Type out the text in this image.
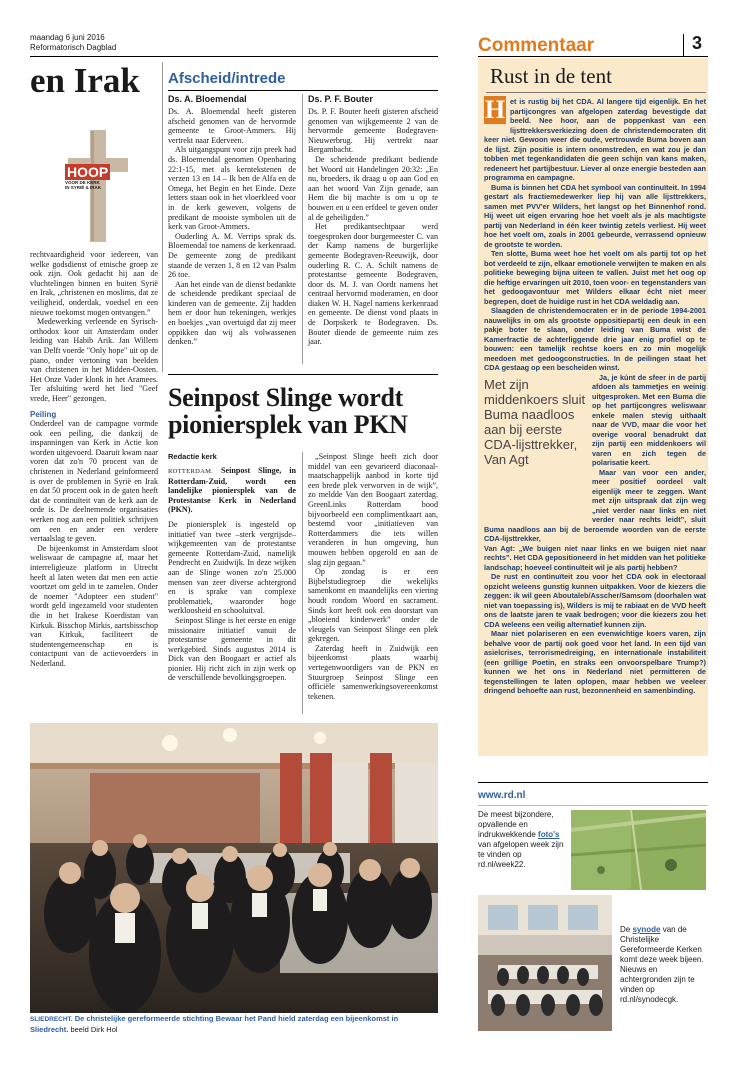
maandag 6 juni 2016
Reformatorisch Dagblad	Commentaar	3
en Irak
HOOP
VOOR DE KERK
IN SYRIË & IRAK

rechtvaardigheid voor iedereen, van welke godsdienst of etnische groep ze ook zijn. Ook gedacht hij aan de vluchtelingen binnen en buiten Syrië en Irak, „christenen en moslims, dat ze veiligheid, onderdak, voedsel en een nieuwe toekomst mogen ontvangen.”

Medewerking verleende en Syrisch-orthodox koor uit Amsterdam onder leiding van Habib Arik. Jan Willem van Delft voerde "Only hope" uit op de piano, onder vertoning van beelden van christenen in het Midden-Oosten. Het Onze Vader klonk in het Aramees. Ter afsluiting werd het lied "Geef vrede, Heer" gezongen.

Peiling

Onderdeel van de campagne vormde ook een peiling, die dankzij de inspanningen van Kerk in Actie kon worden uitgevoerd. Daaruit kwam naar voren dat zo'n 70 procent van de christenen in Nederland geïnformeerd is over de problemen in Syrië en Irak en dat 50 procent ook in de gaten heeft dat de continuïteit van de kerk aan de orde is. De deelnemende organisaties werken nog aan een politiek schrijven om een en ander een verdere vertaalslag te geven.

De bijeenkomst in Amsterdam sloot weliswaar de campagne af, maar het interreligieuze platform in Utrecht heeft al laten weten dat men een actie voortzet om geld in te zamelen. Onder de noemer "Adopteer een student" wordt geld ingezameld voor studenten die in het Irakese Koerdistan van Kirkuk. Bisschop Mirkis, aartsbisschop van Kirkuk, faciliteert de studentengemeenschap en is contactpunt van de actievoerders in Nederland.

Afscheid/intrede
Ds. A. Bloemendal

Ds. A. Bloemendal heeft gisteren afscheid genomen van de hervormde gemeente te Groot-Ammers. Hij vertrekt naar Ederveen.

Als uitgangspunt voor zijn preek had ds. Bloemendal genomen Openbaring 22:1-15, met als kerntekstenen de verzen 13 en 14 – Ik ben de Alfa en de Omega, het Begin en het Einde. Deze letters staan ook in het vloerkleed voor in de kerk geweven, volgens de predikant de mooiste symbolen uit de kerk van Groot-Ammers.

Ouderling A. M. Verrips sprak ds. Bloemendal toe namens de kerkenraad. De gemeente zong de predikant staande de verzen 1, 8 en 12 van Psalm 26 toe.

Aan het einde van de dienst bedankte de scheidende predikant speciaal de kinderen van de gemeente. Zij hadden hem er door hun tekeningen, werkjes en boekjes „van overtuigd dat zij meer oppikken dan wij als volwassenen denken.”

Ds. P. F. Bouter

Ds. P. F. Bouter heeft gisteren afscheid genomen van wijkgemeente 2 van de hervormde gemeente Bodegraven-Nieuwerbrug. Hij vertrekt naar Bergambacht.

De scheidende predikant bediende het Woord uit Handelingen 20:32: „En nu, broeders, ik draag u op aan God en aan het woord Van Zijn genade, aan Hem die bij machte is om u op te bouwen en u een erfdeel te geven onder al de geheiligden.”

Het predikantsechtpaar werd toegesproken door burgemeester C. van der Kamp namens de burgerlijke gemeente Bodegraven-Reeuwijk, door ouderling R. C. A. Schilt namens de protestantse gemeente Bodegraven, door ds. M. J. van Oordt namens het centraal hervormd moderamen, en door diaken W. H. Nagel namens kerkenraad en gemeente. De dienst vond plaats in de Dorpskerk te Bodegraven. Ds. Bouter diende de gemeente ruim zes jaar.

Seinpost Slinge wordt
pioniersplek van PKN
Redactie kerk

ROTTERDAM. Seinpost Slinge, in Rotterdam-Zuid, wordt een landelijke pioniersplek van de Protestantse Kerk in Nederland (PKN).

De pioniersplek is ingesteld op initiatief van twee –sterk vergrijsde– wijkgemeenten van de protestantse gemeente Rotterdam-Zuid, namelijk Pendrecht en Zuidwijk. In deze wijken aan de Slinge wonen zo'n 25.000 mensen van zeer diverse achtergrond en is sprake van complexe problematiek, waaronder hoge werkloosheid en schooluitval.

Seinpost Slinge is het eerste en enige missionaire initiatief vanuit de protestantse gemeente in dit werkgebied. Sinds augustus 2014 is Dick van den Boogaart er actief als pionier. Hij richt zich in zijn werk op de verschillende bevolkingsgroepen.

„Seinpost Slinge heeft zich door middel van een gevarieerd diaconaal-maatschappelijk aanbod in korte tijd een brede plek verworven in de wijk”, zo meldde Van den Boogaart zaterdag. GreenLinks Rotterdam bood bijvoorbeeld een complimentkaart aan, bestemd voor „initiatieven van Rotterdammers die iets willen veranderen in hun omgeving, hun mouwen hebben opgerold en aan de slag zijn gegaan.”

Op zondag is er een Bijbelstudiegroep die wekelijks samenkomt en maandelijks een viering houdt rondom Woord en sacrament. Sinds kort heeft ook een doorstart van „bloeiend kinderwerk” onder de vleugels van Seinpost Slinge een plek gekregen.

Zaterdag heeft in Zuidwijk een bijeenkomst plaats waarbij vertegenwoordigers van de PKN en Stuurgroep Seinpost Slinge een officiële samenwerkingsovereenkomst tekenen.

SLIEDRECHT. De christelijke gereformeerde stichting Bewaar het Pand hield zaterdag een bijeenkomst in Sliedrecht. beeld Dirk Hol
Rust in de tent
H et is rustig bij het CDA. Al langere tijd eigenlijk. En het partijcongres van afgelopen zaterdag bevestigde dat beeld. Nee hoor, aan de poppenkast van een lijsttrekkersverkiezing doen de christendemocraten dit keer niet. Gewoon weer die oude, vertrouwde Buma boven aan de lijst. Zijn positie is intern onomstreden, en wat zou je dan tobben met tegenkandidaten die geen schijn van kans maken, redeneert het partijbestuur. Liever al onze energie besteden aan programma en campagne.

Buma is binnen het CDA het symbool van continuïteit. In 1994 gestart als fractiemedewerker liep hij van alle lijsttrekkers, samen met PVV'er Wilders, het langst op het Binnenhof rond. Hij weet uit eigen ervaring hoe het voelt als je als machtigste partij van Nederland in één keer twintig zetels verliest. Hij weet hoe het voelt om, zoals in 2001 gebeurde, verrassend opnieuw de grootste te worden.

Ten slotte, Buma weet hoe het voelt om als partij tot op het bot verdeeld te zijn, elkaar emotionele verwijten te maken en als politieke beweging bijna uiteen te vallen. Juist met het oog op die heftige ervaringen uit 2010, toen voor- en tegenstanders van het gedoogavontuur met Wilders elkaar écht niet meer begrepen, doet de huidige rust in het CDA weldadig aan.

Slaagden de christendemocraten er in de periode 1994-2001 nauwelijks in om als grootste oppositiepartij een deuk in een pakje boter te slaan, onder leiding van Buma wist de Kamerfractie de achterliggende drie jaar enig profiel op te bouwen: een tamelijk rechtse koers en zo min mogelijk meedoen met gedoogconstructies. In de peilingen staat het CDA gestaag op een bescheiden winst.

Met zijn middenkoers sluit Buma naadloos aan bij eerste CDA-lijsttrekker, Van Agt

Ja, je kúnt de sfeer in de partij afdoen als tammetjes en weinig uitgesproken. Met een Buma die op het partijcongres weliswaar enkele malen stevig uithaalt naar de VVD, maar die voor het overige vooral benadrukt dat zijn partij een middenkoers wil varen en zich tegen de polarisatie keert.

Maar van voor een ander, meer positief oordeel valt eigenlijk meer te zeggen. Want met zijn uitspraak dat zijn weg „niet verder naar links en niet verder naar rechts leidt”, sluit Buma naadloos aan bij de beroemde woorden van de eerste CDA-lijsttrekker,

Van Agt: „We buigen niet naar links en we buigen niet naar rechts”. Het CDA gepositioneerd in het midden van het politieke landschap; hoeveel continuïteit wil je als partij hebben?

De rust en continuïteit zou voor het CDA ook in electoraal opzicht weleens gunstig kunnen uitpakken. Voor de kiezers die zeggen: ik wil geen Aboutaleb/Asscher/Samsom (doorhalen wat niet van toepassing is), Wilders is mij te rabiaat en de VVD heeft ons de laatste jaren te vaak bedrogen; voor die kiezers zou het CDA weleens een veilig alternatief kunnen zijn.

Maar niet polariseren en een evenwichtige koers varen, zijn behalve voor de partij ook goed voor het land. In een tijd van asielcrises, terrorismedreiging, en internationale instabiliteit (een grillige Poetin, en straks een onvoorspelbare Trump?) kunnen we het ons in Nederland niet permitteren de tegenstellingen te laten oplopen, maar hebben we veeleer dringend behoefte aan rust, bezonnenheid en samenbinding.

www.rd.nl
De meest bijzondere, opvallende en indrukwekkende foto's van afgelopen week zijn te vinden op rd.nl/week22.
De synode van de Christelijke Gereformeerde Kerken komt deze week bijeen. Nieuws en achtergronden zijn te vinden op rd.nl/synodecgk.
